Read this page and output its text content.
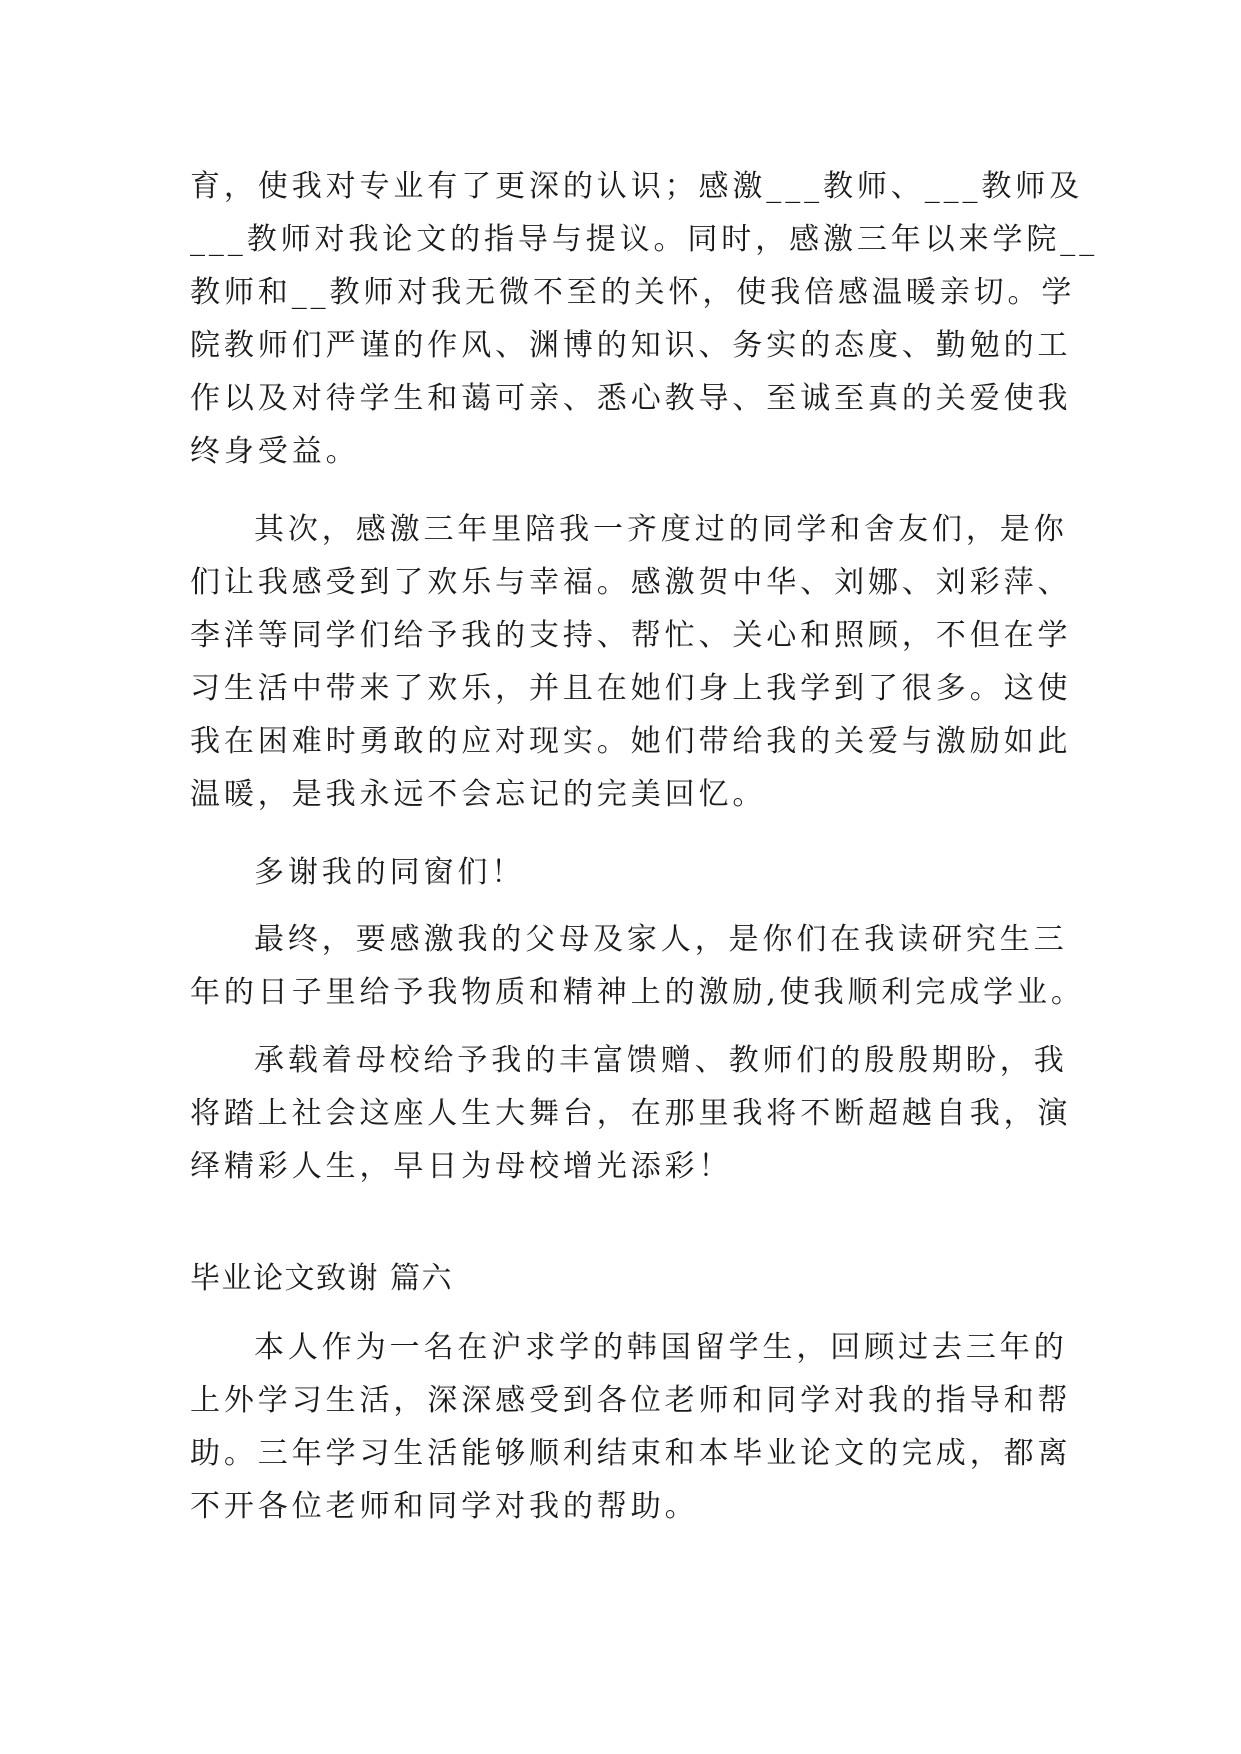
育，使我对专业有了更深的认识；感激___教师、___教师及
___教师对我论文的指导与提议。同时，感激三年以来学院__
教师和__教师对我无微不至的关怀，使我倍感温暖亲切。学
院教师们严谨的作风、渊博的知识、务实的态度、勤勉的工
作以及对待学生和蔼可亲、悉心教导、至诚至真的关爱使我
终身受益。
其次，感激三年里陪我一齐度过的同学和舍友们，是你
们让我感受到了欢乐与幸福。感激贺中华、刘娜、刘彩萍、
李洋等同学们给予我的支持、帮忙、关心和照顾，不但在学
习生活中带来了欢乐，并且在她们身上我学到了很多。这使
我在困难时勇敢的应对现实。她们带给我的关爱与激励如此
温暖，是我永远不会忘记的完美回忆。
多谢我的同窗们！
最终，要感激我的父母及家人，是你们在我读研究生三
年的日子里给予我物质和精神上的激励,使我顺利完成学业。
承载着母校给予我的丰富馈赠、教师们的殷殷期盼，我
将踏上社会这座人生大舞台，在那里我将不断超越自我，演
绎精彩人生，早日为母校增光添彩！
毕业论文致谢 篇六
本人作为一名在沪求学的韩国留学生，回顾过去三年的
上外学习生活，深深感受到各位老师和同学对我的指导和帮
助。三年学习生活能够顺利结束和本毕业论文的完成，都离
不开各位老师和同学对我的帮助。
